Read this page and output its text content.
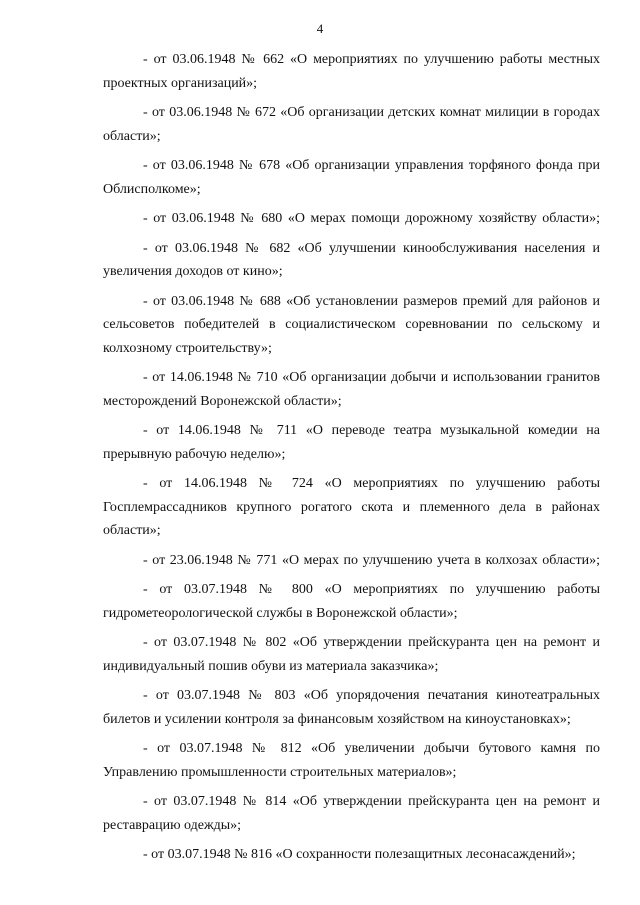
4

- от 03.06.1948 № 662 «О мероприятиях по улучшению работы местных проектных организаций»;

- от 03.06.1948 № 672 «Об организации детских комнат милиции в городах области»;

- от 03.06.1948 № 678 «Об организации управления торфяного фонда при Облисполкоме»;

- от 03.06.1948 № 680 «О мерах помощи дорожному хозяйству области»;

- от 03.06.1948 № 682 «Об улучшении кинообслуживания населения и увеличения доходов от кино»;

- от 03.06.1948 № 688 «Об установлении размеров премий для районов и сельсоветов победителей в социалистическом соревновании по сельскому и колхозному строительству»;

- от 14.06.1948 № 710 «Об организации добычи и использовании гранитов месторождений Воронежской области»;

- от 14.06.1948 № 711 «О переводе театра музыкальной комедии на прерывную рабочую неделю»;

- от 14.06.1948 № 724 «О мероприятиях по улучшению работы Госплемрассадников крупного рогатого скота и племенного дела в районах области»;

- от 23.06.1948 № 771 «О мерах по улучшению учета в колхозах области»;

- от 03.07.1948 № 800 «О мероприятиях по улучшению работы гидрометеорологической службы в Воронежской области»;

- от 03.07.1948 № 802 «Об утверждении прейскуранта цен на ремонт и индивидуальный пошив обуви из материала заказчика»;

- от 03.07.1948 № 803 «Об упорядочения печатания кинотеатральных билетов и усилении контроля за финансовым хозяйством на киноустановках»;

- от 03.07.1948 № 812 «Об увеличении добычи бутового камня по Управлению промышленности строительных материалов»;

- от 03.07.1948 № 814 «Об утверждении прейскуранта цен на ремонт и реставрацию одежды»;

- от 03.07.1948 № 816 «О сохранности полезащитных лесонасаждений»;
